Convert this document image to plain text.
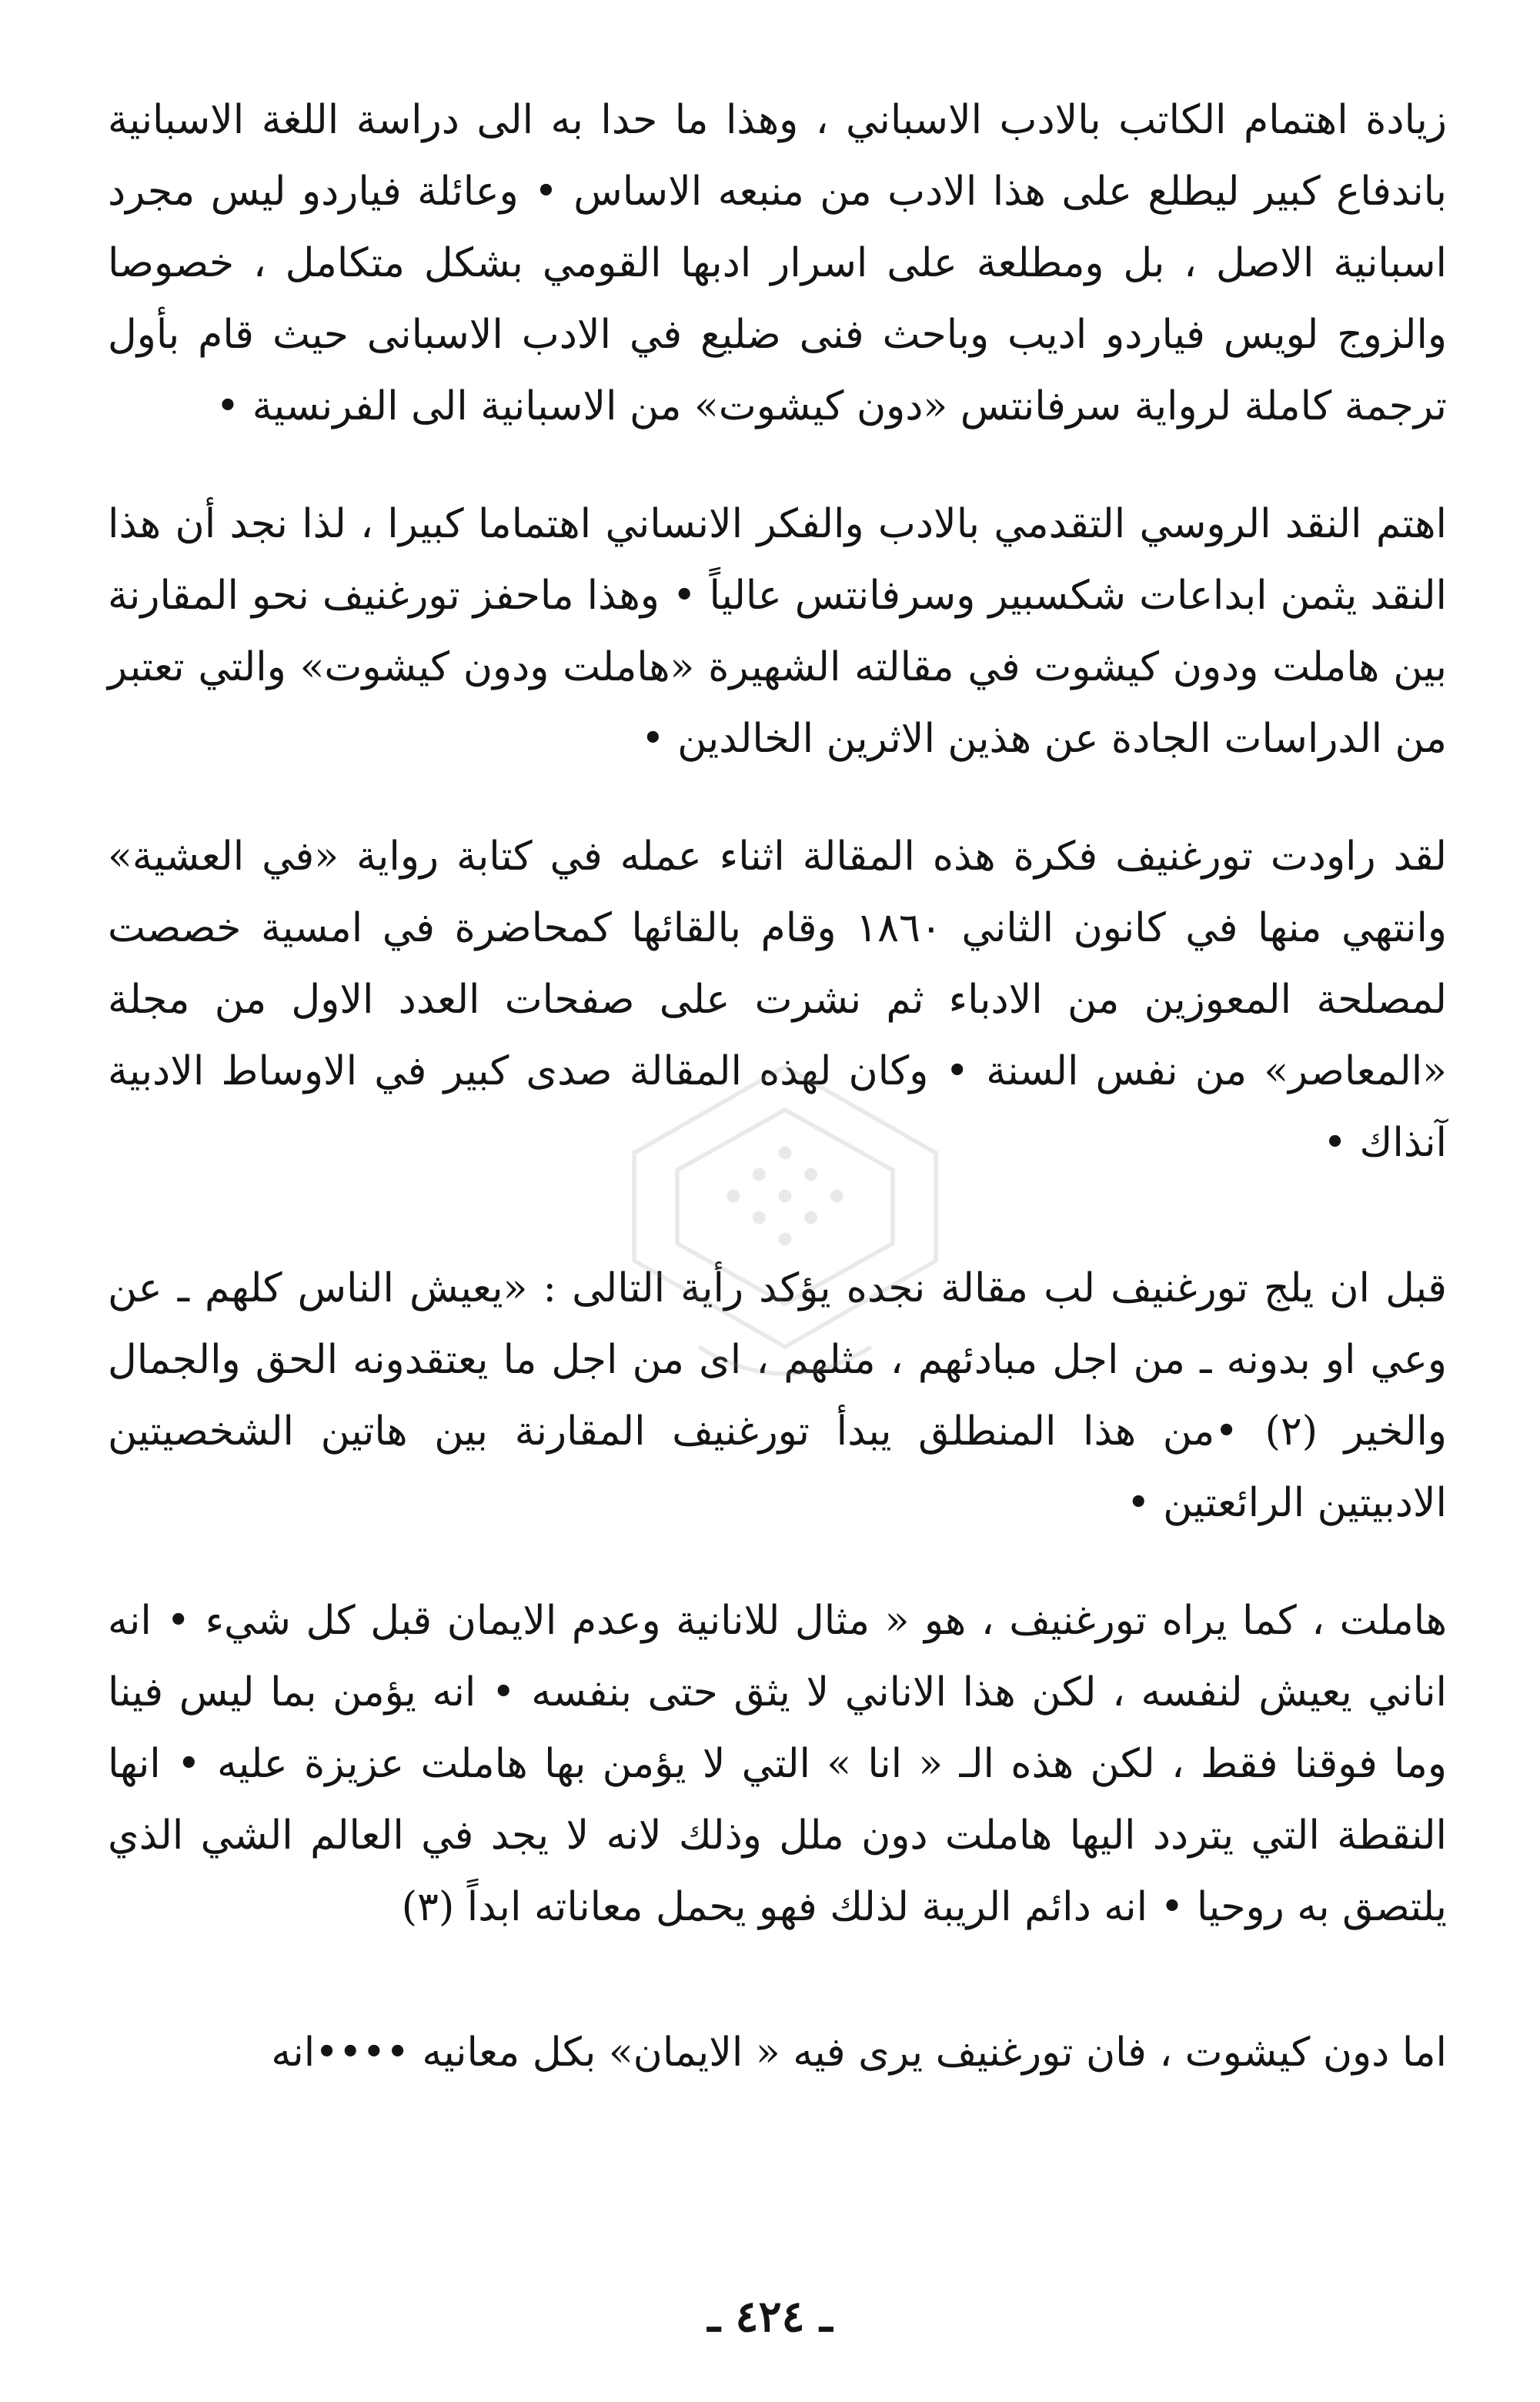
زيادة اهتمام الكاتب بالادب الاسباني ، وهذا ما حدا به الى دراسة اللغة الاسبانية باندفاع كبير ليطلع على هذا الادب من منبعه الاساس • وعائلة فياردو ليس مجرد اسبانية الاصل ، بل ومطلعة على اسرار ادبها القومي بشكل متكامل ، خصوصا والزوج لويس فياردو اديب وباحث فنى ضليع في الادب الاسبانى حيث قام بأول ترجمة كاملة لرواية سرفانتس «دون كيشوت» من الاسبانية الى الفرنسية •

اهتم النقد الروسي التقدمي بالادب والفكر الانساني اهتماما كبيرا ، لذا نجد أن هذا النقد يثمن ابداعات شكسبير وسرفانتس عالياً • وهذا ماحفز تورغنيف نحو المقارنة بين هاملت ودون كيشوت في مقالته الشهيرة «هاملت ودون كيشوت» والتي تعتبر من الدراسات الجادة عن هذين الاثرين الخالدين •

لقد راودت تورغنيف فكرة هذه المقالة اثناء عمله في كتابة رواية «في العشية» وانتهي منها في كانون الثاني ١٨٦٠ وقام بالقائها كمحاضرة في امسية خصصت لمصلحة المعوزين من الادباء ثم نشرت على صفحات العدد الاول من مجلة «المعاصر» من نفس السنة • وكان لهذه المقالة صدى كبير في الاوساط الادبية آنذاك •

قبل ان يلج تورغنيف لب مقالة نجده يؤكد رأية التالى : «يعيش الناس كلهم ـ عن وعي او بدونه ـ من اجل مبادئهم ، مثلهم ، اى من اجل ما يعتقدونه الحق والجمال والخير (٢) •من هذا المنطلق يبدأ تورغنيف المقارنة بين هاتين الشخصيتين الادبيتين الرائعتين •

هاملت ، كما يراه تورغنيف ، هو « مثال للانانية وعدم الايمان قبل كل شيء • انه اناني يعيش لنفسه ، لكن هذا الاناني لا يثق حتى بنفسه • انه يؤمن بما ليس فينا وما فوقنا فقط ، لكن هذه الـ « انا » التي لا يؤمن بها هاملت عزيزة عليه • انها النقطة التي يتردد اليها هاملت دون ملل وذلك لانه لا يجد في العالم الشي الذي يلتصق به روحيا • انه دائم الريبة لذلك فهو يحمل معاناته ابداً (٣)

اما دون كيشوت ، فان تورغنيف يرى فيه « الايمان» بكل معانيه ••••انه

ـ ٤٢٤ ـ
